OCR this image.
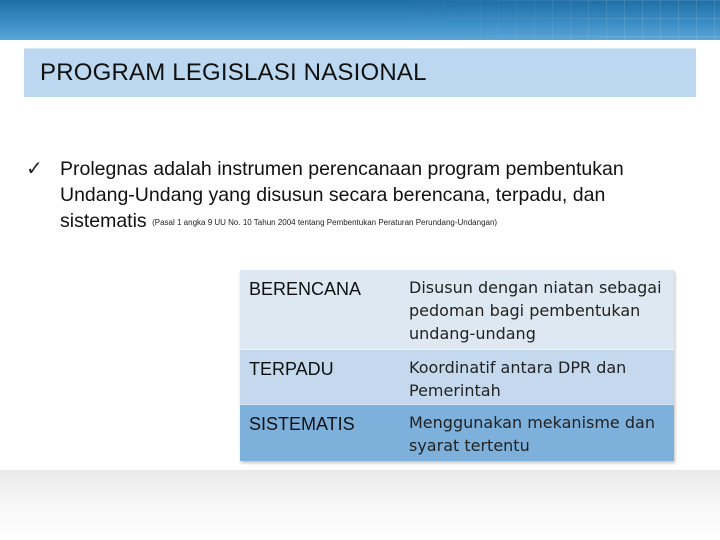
PROGRAM LEGISLASI NASIONAL
✓ Prolegnas adalah instrumen perencanaan program pembentukan Undang-Undang yang disusun secara berencana, terpadu, dan sistematis (Pasal 1 angka 9 UU No. 10 Tahun 2004 tentang Pembentukan Peraturan Perundang-Undangan)
BERENCANA	Disusun dengan niatan sebagai pedoman bagi pembentukan undang-undang
TERPADU	Koordinatif antara DPR dan Pemerintah
SISTEMATIS	Menggunakan mekanisme dan syarat tertentu
